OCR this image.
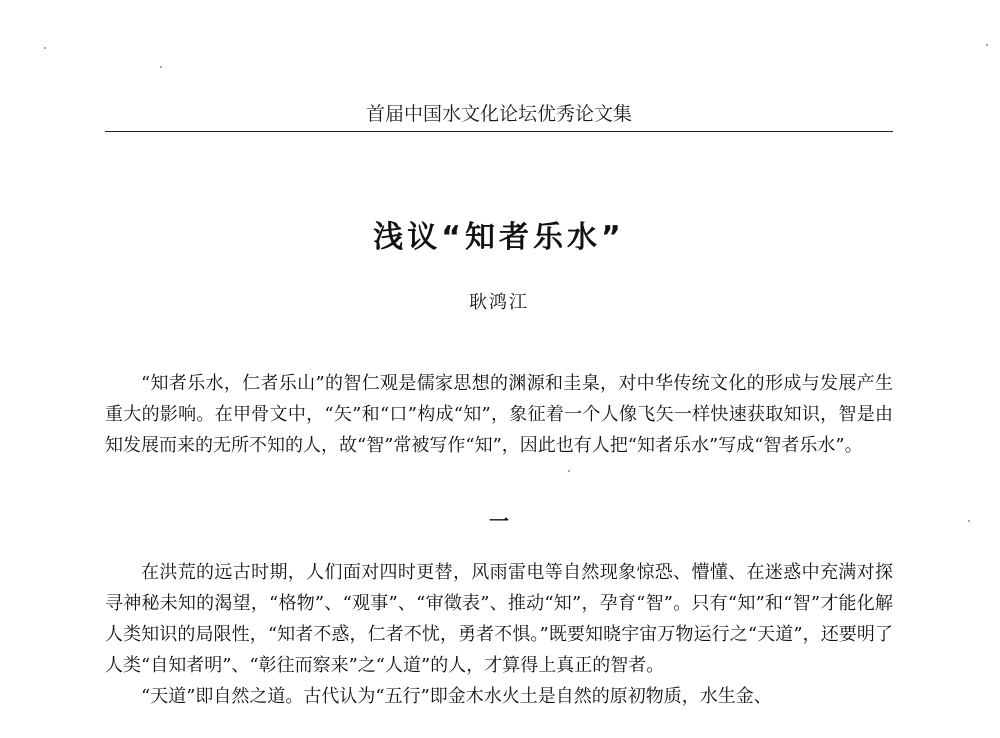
首届中国水文化论坛优秀论文集
浅议“知者乐水”
耿鸿江

“知者乐水，仁者乐山”的智仁观是儒家思想的渊源和圭臬，对中华传统文化的形成与发展产生重大的影响。在甲骨文中，“矢”和“口”构成“知”，象征着一个人像飞矢一样快速获取知识，智是由知发展而来的无所不知的人，故“智”常被写作“知”，因此也有人把“知者乐水”写成“智者乐水”。

一

在洪荒的远古时期，人们面对四时更替，风雨雷电等自然现象惊恐、懵懂、在迷惑中充满对探寻神秘未知的渴望，“格物”、“观事”、“审徵表”、推动“知”，孕育“智”。只有“知”和“智”才能化解人类知识的局限性，“知者不惑，仁者不忧，勇者不惧。”既要知晓宇宙万物运行之“天道”，还要明了人类“自知者明”、“彰往而察来”之“人道”的人，才算得上真正的智者。

“天道”即自然之道。古代认为“五行”即金木水火土是自然的原初物质，水生金、
